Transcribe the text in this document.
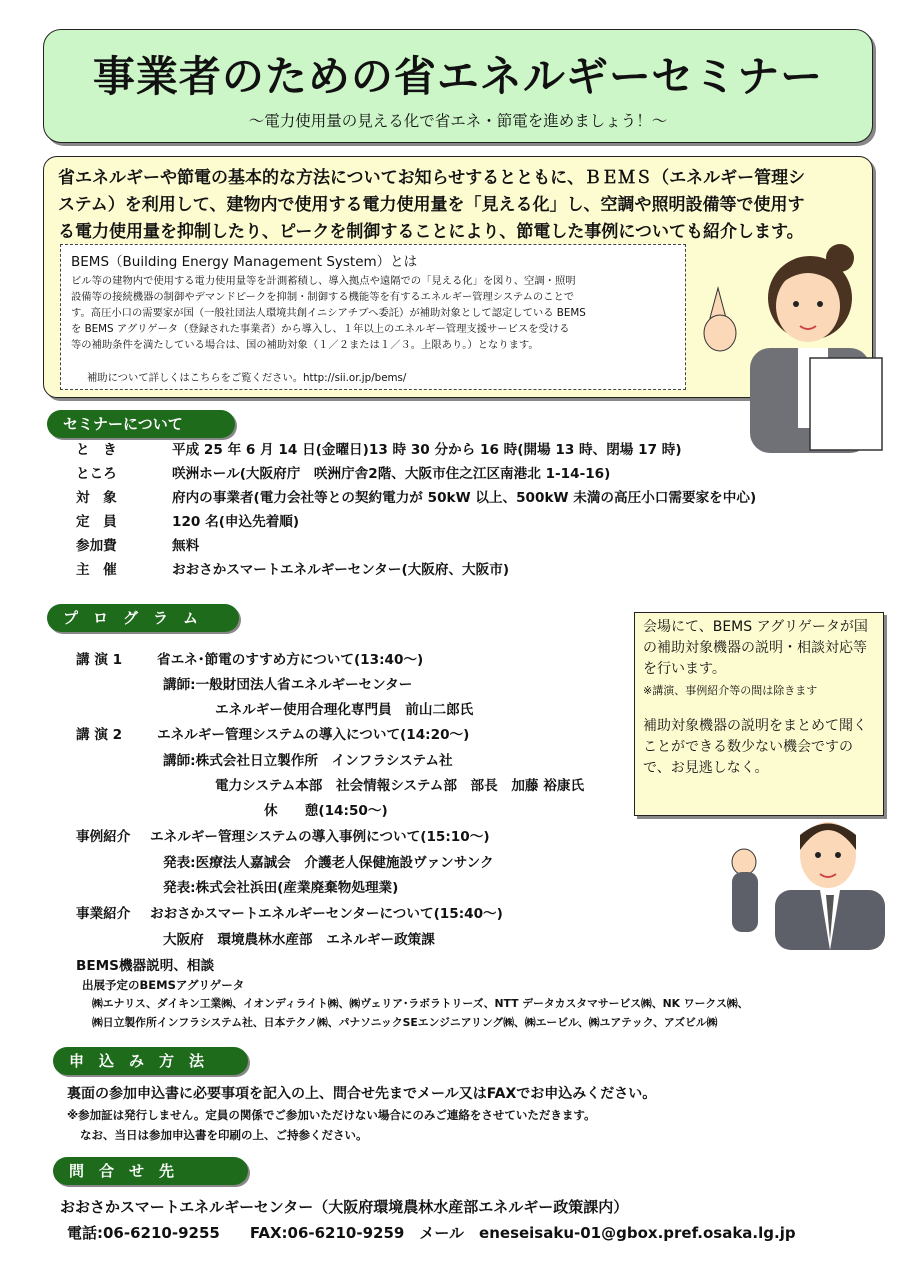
事業者のための省エネルギーセミナー
～電力使用量の見える化で省エネ・節電を進めましょう！～
省エネルギーや節電の基本的な方法についてお知らせするとともに、ＢＥＭＳ（エネルギー管理シ
ステム）を利用して、建物内で使用する電力使用量を「見える化」し、空調や照明設備等で使用す
る電力使用量を抑制したり、ピークを制御することにより、節電した事例についても紹介します。
BEMS（Building Energy Management System）とは
ビル等の建物内で使用する電力使用量等を計測蓄積し、導入拠点や遠隔での「見える化」を図り、空調・照明
設備等の接続機器の制御やデマンドピークを抑制・制御する機能等を有するエネルギー管理システムのことで
す。高圧小口の需要家が国（一般社団法人環境共創イニシアチブへ委託）が補助対象として認定している BEMS
を BEMS アグリゲータ（登録された事業者）から導入し、１年以上のエネルギー管理支援サービスを受ける
等の補助条件を満たしている場合は、国の補助対象（１／２または１／３。上限あり。）となります。
補助について詳しくはこちらをご覧ください。http://sii.or.jp/bems/
セミナーについて
と　き	平成 25 年 6 月 14 日(金曜日)13 時 30 分から 16 時(開場 13 時、閉場 17 時)
ところ	咲洲ホール(大阪府庁　咲洲庁舎2階、大阪市住之江区南港北 1-14-16)
対　象	府内の事業者(電力会社等との契約電力が 50kW 以上、500kW 未満の高圧小口需要家を中心)
定　員	120 名(申込先着順)
参加費	無料
主　催	おおさかスマートエネルギーセンター(大阪府、大阪市)
プ　ロ　グ　ラ　ム
講 演 1	省エネ･節電のすすめ方について(13:40～)
講師:一般財団法人省エネルギーセンター
エネルギー使用合理化専門員　前山二郎氏
講 演 2	エネルギー管理システムの導入について(14:20～)
講師:株式会社日立製作所　インフラシステム社
電力システム本部　社会情報システム部　部長　加藤 裕康氏
休　　憩(14:50～)
事例紹介 エネルギー管理システムの導入事例について(15:10～)
発表:医療法人嘉誠会　介護老人保健施設ヴァンサンク
発表:株式会社浜田(産業廃棄物処理業)
事業紹介 おおさかスマートエネルギーセンターについて(15:40～)
大阪府　環境農林水産部　エネルギー政策課
BEMS機器説明、相談
出展予定のBEMSアグリゲータ
㈱エナリス、ダイキン工業㈱、イオンディライト㈱、㈱ヴェリア･ラボラトリーズ、NTT データカスタマサービス㈱、NK ワークス㈱、
㈱日立製作所インフラシステム社、日本テクノ㈱、パナソニックSEエンジニアリング㈱、㈱エービル、㈱ユアテック、アズビル㈱
会場にて、BEMS アグリゲータが国の補助対象機器の説明・相談対応等を行います。
※講演、事例紹介等の間は除きます
補助対象機器の説明をまとめて聞くことができる数少ない機会ですので、お見逃しなく。
申　込　み　方　法
裏面の参加申込書に必要事項を記入の上、問合せ先までメール又はFAXでお申込みください。
※参加証は発行しません。定員の関係でご参加いただけない場合にのみご連絡をさせていただきます。
なお、当日は参加申込書を印刷の上、ご持参ください。
問　合　せ　先
おおさかスマートエネルギーセンター（大阪府環境農林水産部エネルギー政策課内）
電話:06-6210-9255　　FAX:06-6210-9259　メール　eneseisaku-01@gbox.pref.osaka.lg.jp
